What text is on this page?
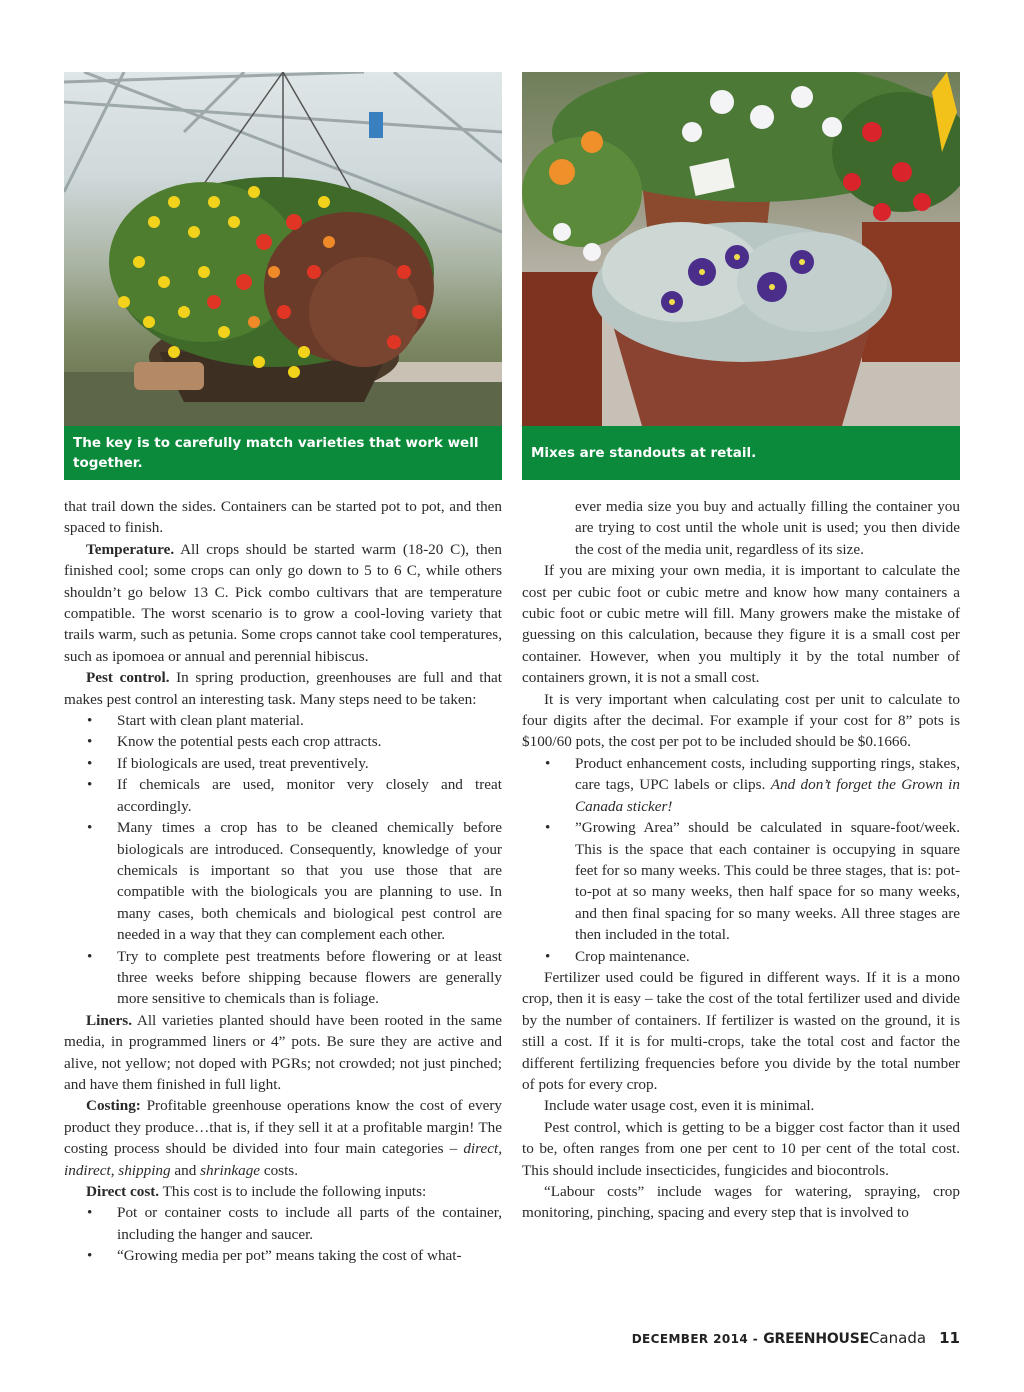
The key is to carefully match varieties that work well together.
Mixes are standouts at retail.

that trail down the sides. Containers can be started pot to pot, and then spaced to finish.

Temperature. All crops should be started warm (18-20 C), then finished cool; some crops can only go down to 5 to 6 C, while others shouldn’t go below 13 C. Pick combo cultivars that are temperature compatible. The worst scenario is to grow a cool-loving variety that trails warm, such as petunia. Some crops cannot take cool temperatures, such as ipomoea or annual and perennial hibiscus.

Pest control. In spring production, greenhouses are full and that makes pest control an interesting task. Many steps need to be taken:

• Start with clean plant material.
• Know the potential pests each crop attracts.
• If biologicals are used, treat preventively.
• If chemicals are used, monitor very closely and treat accordingly.
• Many times a crop has to be cleaned chemically before biologicals are introduced. Consequently, knowledge of your chemicals is important so that you use those that are compatible with the biologicals you are planning to use. In many cases, both chemicals and biological pest control are needed in a way that they can complement each other.
• Try to complete pest treatments before flowering or at least three weeks before shipping because flowers are generally more sensitive to chemicals than is foliage.

Liners. All varieties planted should have been rooted in the same media, in programmed liners or 4” pots. Be sure they are active and alive, not yellow; not doped with PGRs; not crowded; not just pinched; and have them finished in full light.

Costing: Profitable greenhouse operations know the cost of every product they produce…that is, if they sell it at a profitable margin! The costing process should be divided into four main categories – direct, indirect, shipping and shrinkage costs.

Direct cost. This cost is to include the following inputs:

• Pot or container costs to include all parts of the container, including the hanger and saucer.
• “Growing media per pot” means taking the cost of what-

ever media size you buy and actually filling the container you are trying to cost until the whole unit is used; you then divide the cost of the media unit, regardless of its size.

If you are mixing your own media, it is important to calculate the cost per cubic foot or cubic metre and know how many containers a cubic foot or cubic metre will fill. Many growers make the mistake of guessing on this calculation, because they figure it is a small cost per container. However, when you multiply it by the total number of containers grown, it is not a small cost.

It is very important when calculating cost per unit to calculate to four digits after the decimal. For example if your cost for 8” pots is $100/60 pots, the cost per pot to be included should be $0.1666.

• Product enhancement costs, including supporting rings, stakes, care tags, UPC labels or clips. And don’t forget the Grown in Canada sticker!
• ”Growing Area” should be calculated in square-foot/week. This is the space that each container is occupying in square feet for so many weeks. This could be three stages, that is: pot-to-pot at so many weeks, then half space for so many weeks, and then final spacing for so many weeks. All three stages are then included in the total.
• Crop maintenance.

Fertilizer used could be figured in different ways. If it is a mono crop, then it is easy – take the cost of the total fertilizer used and divide by the number of containers. If fertilizer is wasted on the ground, it is still a cost. If it is for multi-crops, take the total cost and factor the different fertilizing frequencies before you divide by the total number of pots for every crop.

Include water usage cost, even it is minimal.

Pest control, which is getting to be a bigger cost factor than it used to be, often ranges from one per cent to 10 per cent of the total cost. This should include insecticides, fungicides and biocontrols.

“Labour costs” include wages for watering, spraying, crop monitoring, pinching, spacing and every step that is involved to

DECEMBER 2014 - GREENHOUSECanada 11
